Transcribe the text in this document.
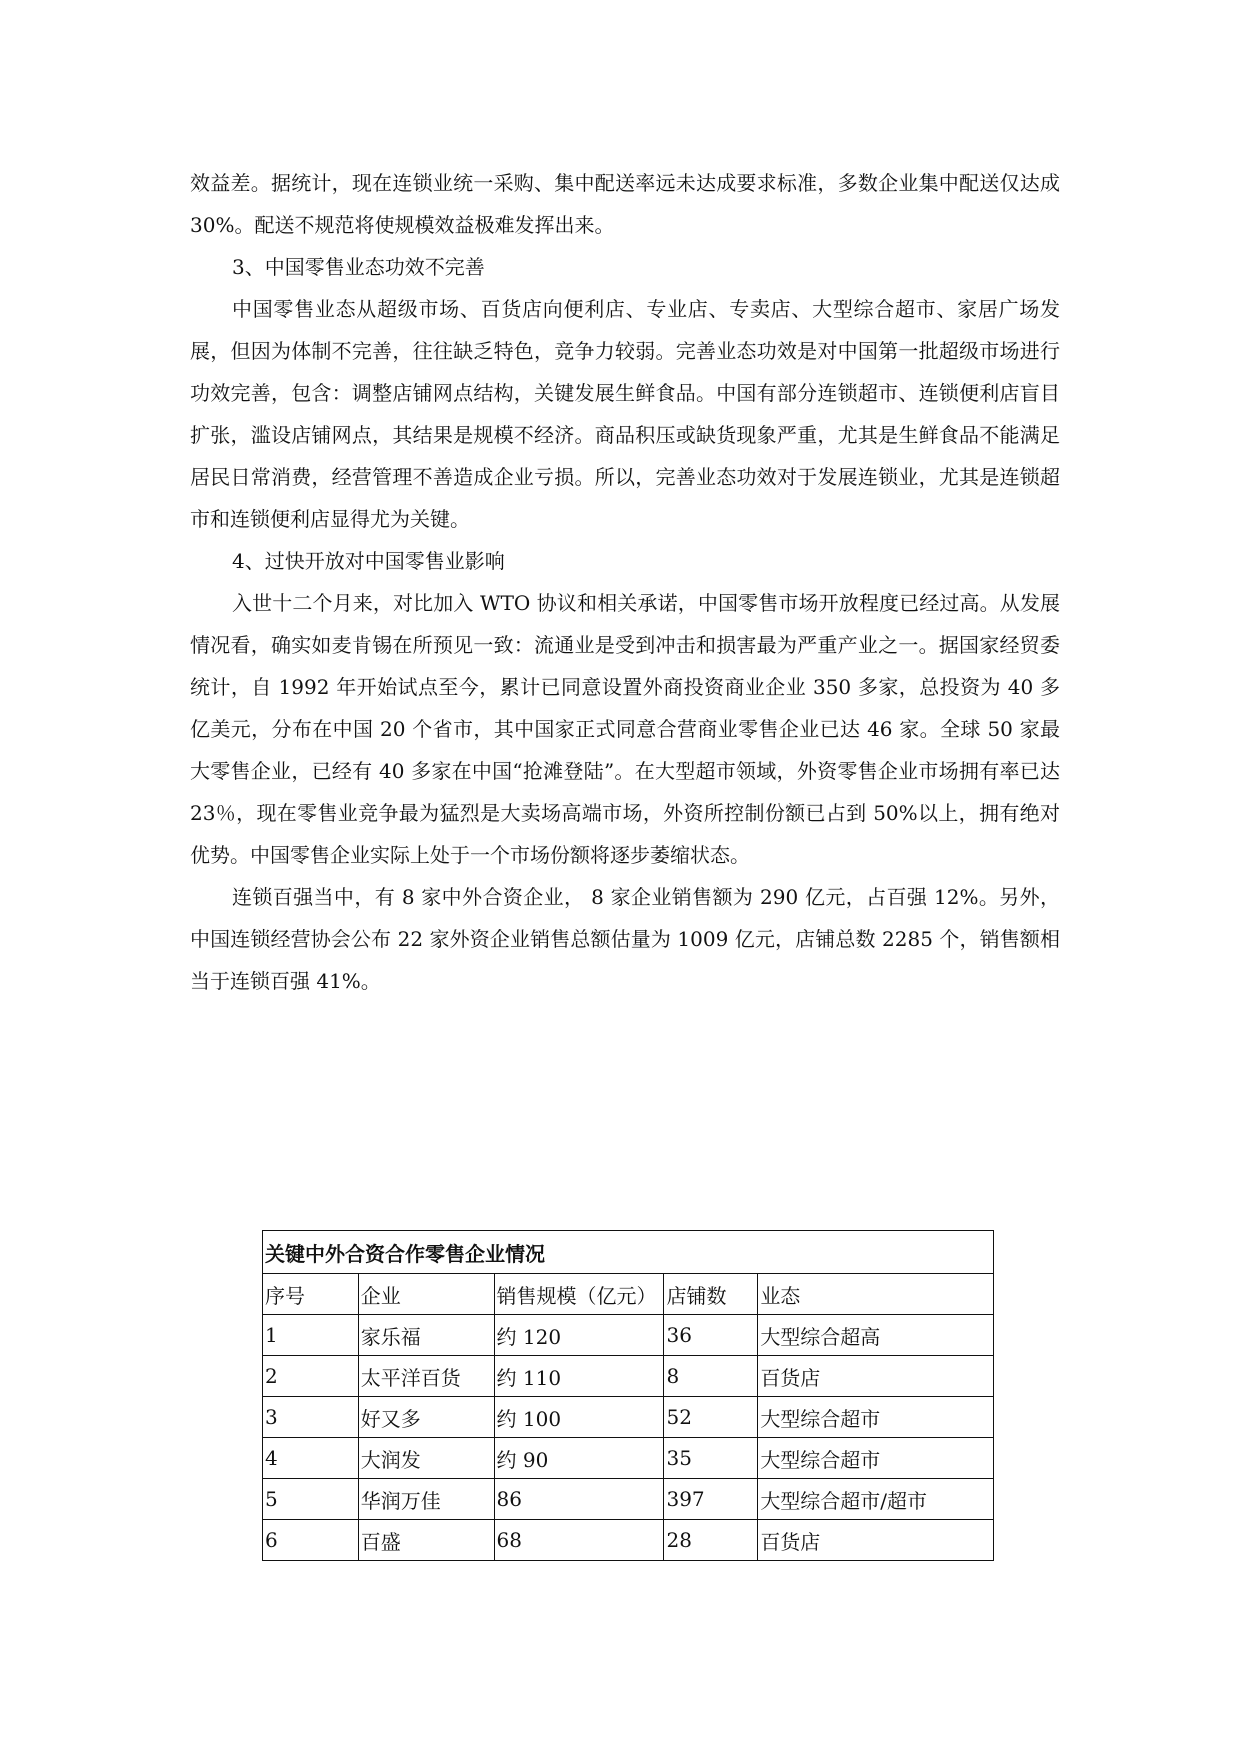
效益差。据统计，现在连锁业统一采购、集中配送率远未达成要求标准，多数企业集中配送仅达成30%。配送不规范将使规模效益极难发挥出来。

3、中国零售业态功效不完善

中国零售业态从超级市场、百货店向便利店、专业店、专卖店、大型综合超市、家居广场发展，但因为体制不完善，往往缺乏特色，竞争力较弱。完善业态功效是对中国第一批超级市场进行功效完善，包含：调整店铺网点结构，关键发展生鲜食品。中国有部分连锁超市、连锁便利店盲目扩张，滥设店铺网点，其结果是规模不经济。商品积压或缺货现象严重，尤其是生鲜食品不能满足居民日常消费，经营管理不善造成企业亏损。所以，完善业态功效对于发展连锁业，尤其是连锁超市和连锁便利店显得尤为关键。

4、过快开放对中国零售业影响

入世十二个月来，对比加入 WTO 协议和相关承诺，中国零售市场开放程度已经过高。从发展情况看，确实如麦肯锡在所预见一致：流通业是受到冲击和损害最为严重产业之一。据国家经贸委统计，自 1992 年开始试点至今，累计已同意设置外商投资商业企业 350 多家，总投资为 40 多亿美元，分布在中国 20 个省市，其中国家正式同意合营商业零售企业已达 46 家。全球 50 家最大零售企业，已经有 40 多家在中国“抢滩登陆”。在大型超市领域，外资零售企业市场拥有率已达 23％，现在零售业竞争最为猛烈是大卖场高端市场，外资所控制份额已占到 50%以上，拥有绝对优势。中国零售企业实际上处于一个市场份额将逐步萎缩状态。

连锁百强当中，有 8 家中外合资企业， 8 家企业销售额为 290 亿元，占百强 12%。另外，中国连锁经营协会公布 22 家外资企业销售总额估量为 1009 亿元，店铺总数 2285 个，销售额相当于连锁百强 41%。

关键中外合资合作零售企业情况				
序号	企业	销售规模（亿元）	店铺数	业态
1	家乐福	约 120	36	大型综合超高
2	太平洋百货	约 110	8	百货店
3	好又多	约 100	52	大型综合超市
4	大润发	约 90	35	大型综合超市
5	华润万佳	86	397	大型综合超市/超市
6	百盛	68	28	百货店
